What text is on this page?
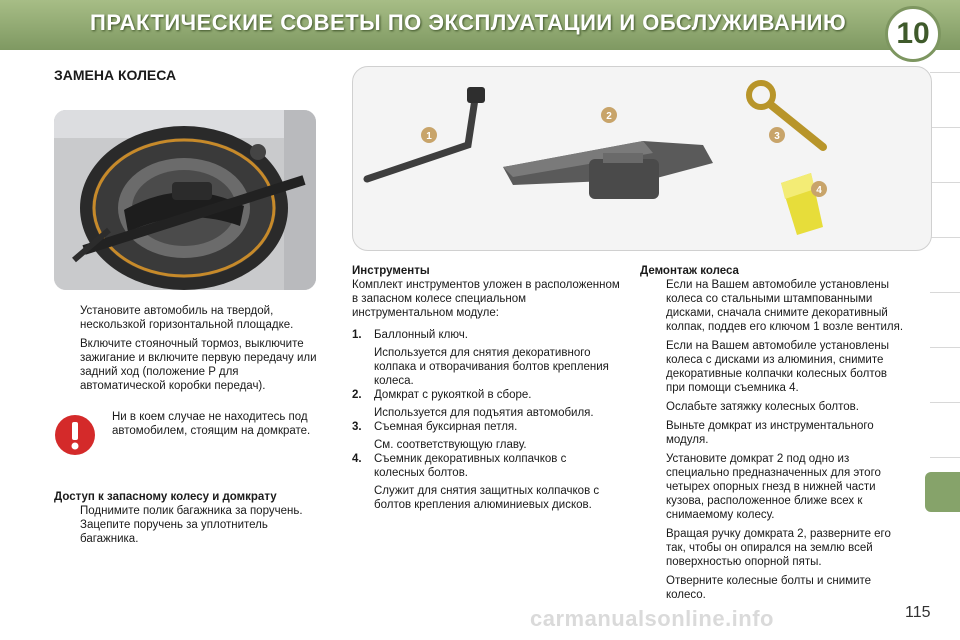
ПРАКТИЧЕСКИЕ СОВЕТЫ ПО ЭКСПЛУАТАЦИИ И ОБСЛУЖИВАНИЮ	10
ЗАМЕНА КОЛЕСА
1
2
3
4

Установите автомобиль на твердой, нескользкой горизонтальной площадке.

Включите стояночный тормоз, выключите зажигание и включите первую передачу или задний ход (положение P для автоматической коробки передач).

Ни в коем случае не находитесь под автомобилем, стоящим на домкрате.

Доступ к запасному колесу и домкрату

Поднимите полик багажника за поручень. Зацепите поручень за уплотнитель багажника.

Инструменты

Комплект инструментов уложен в расположенном в запасном колесе специальном инструментальном модуле:

1. Баллонный ключ.

Используется для снятия декоративного колпака и отворачивания болтов крепления колеса.

2. Домкрат с рукояткой в сборе.

Используется для подъятия автомобиля.

3. Съемная буксирная петля.

См. соответствующую главу.

4. Съемник декоративных колпачков с колесных болтов.

Служит для снятия защитных колпачков с болтов крепления алюминиевых дисков.

Демонтаж колеса

Если на Вашем автомобиле установлены колеса со стальными штампованными дисками, сначала снимите декоративный колпак, поддев его ключом 1 возле вентиля.

Если на Вашем автомобиле установлены колеса с дисками из алюминия, снимите декоративные колпачки колесных болтов при помощи съемника 4.

Ослабьте затяжку колесных болтов.

Выньте домкрат из инструментального модуля.

Установите домкрат 2 под одно из специально предназначенных для этого четырех опорных гнезд в нижней части кузова, расположенное ближе всех к снимаемому колесу.

Вращая ручку домкрата 2, разверните его так, чтобы он опирался на землю всей поверхностью опорной пяты.

Отверните колесные болты и снимите колесо.

carmanualsonline.info	115
